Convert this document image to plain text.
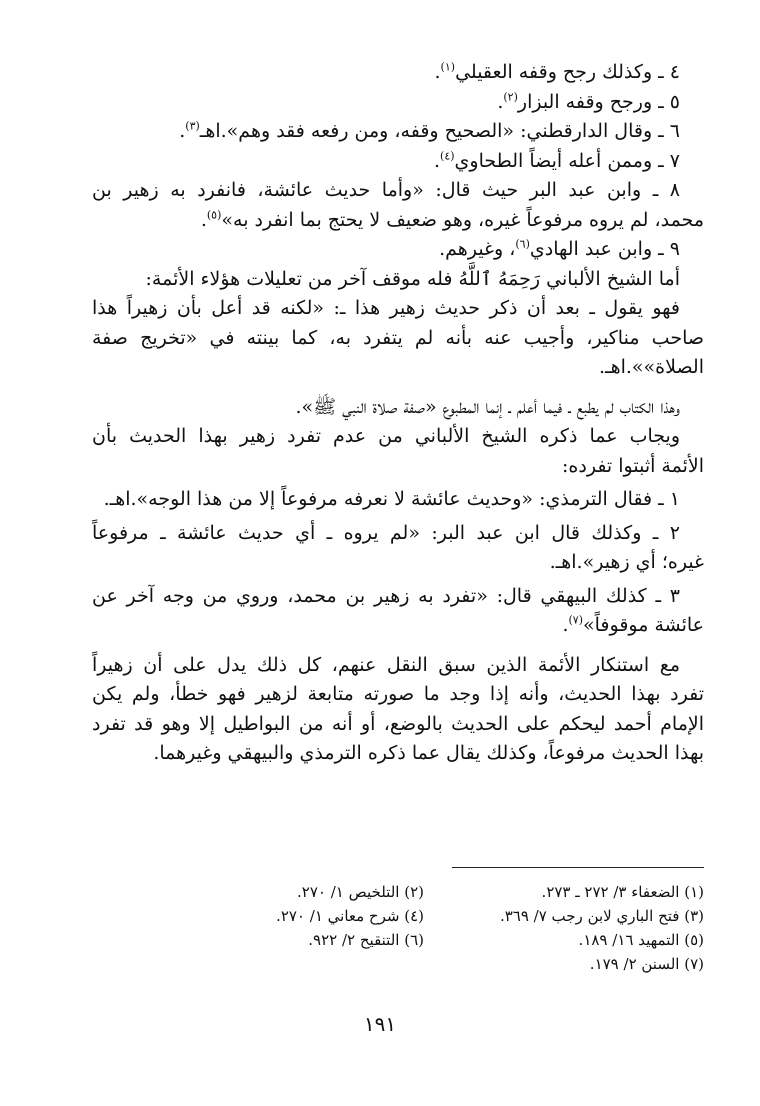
٤ ـ وكذلك رجح وقفه العقيلي$^{(١)}$.
٥ ـ ورجح وقفه البزار$^{(٢)}$.
٦ ـ وقال الدارقطني: «الصحيح وقفه، ومن رفعه فقد وهم».اهـ$^{(٣)}$.
٧ ـ وممن أعله أيضاً الطحاوي$^{(٤)}$.
٨ ـ وابن عبد البر حيث قال: «وأما حديث عائشة، فانفرد به زهير بن
محمد، لم يروه مرفوعاً غيره، وهو ضعيف لا يحتج بما انفرد به»$^{(٥)}$.
٩ ـ وابن عبد الهادي$^{(٦)}$، وغيرهم.
أما الشيخ الألباني رَحِمَهُ ٱللَّهُ فله موقف آخر من تعليلات هؤلاء الأئمة:
فهو يقول ـ بعد أن ذكر حديث زهير هذا ـ: «لكنه قد أعل بأن زهيراً هذا
صاحب مناكير، وأجيب عنه بأنه لم يتفرد به، كما بينته في «تخريج صفة
الصلاة»».اهـ.
وهذا الكتاب لم يطبع ـ فيما أعلم ـ إنما المطبوع «صفة صلاة النبي ﷺ».
ويجاب عما ذكره الشيخ الألباني من عدم تفرد زهير بهذا الحديث بأن
الأئمة أثبتوا تفرده:
١ ـ فقال الترمذي: «وحديث عائشة لا نعرفه مرفوعاً إلا من هذا الوجه».اهـ.
٢ ـ وكذلك قال ابن عبد البر: «لم يروه ـ أي حديث عائشة ـ مرفوعاً
غيره؛ أي زهير».اهـ.
٣ ـ كذلك البيهقي قال: «تفرد به زهير بن محمد، وروي من وجه آخر عن
عائشة موقوفاً»$^{(٧)}$.
مع استنكار الأئمة الذين سبق النقل عنهم، كل ذلك يدل على أن زهيراً
تفرد بهذا الحديث، وأنه إذا وجد ما صورته متابعة لزهير فهو خطأ، ولم يكن
الإمام أحمد ليحكم على الحديث بالوضع، أو أنه من البواطيل إلا وهو قد تفرد
بهذا الحديث مرفوعاً، وكذلك يقال عما ذكره الترمذي والبيهقي وغيرهما.
(١) الضعفاء ٣/ ٢٧٢ ـ ٢٧٣.
(٢) التلخيص ١/ ٢٧٠.
(٣) فتح الباري لابن رجب ٧/ ٣٦٩.
(٤) شرح معاني ١/ ٢٧٠.
(٥) التمهيد ١٦/ ١٨٩.
(٦) التنقيح ٢/ ٩٢٢.
(٧) السنن ٢/ ١٧٩.
١٩١
